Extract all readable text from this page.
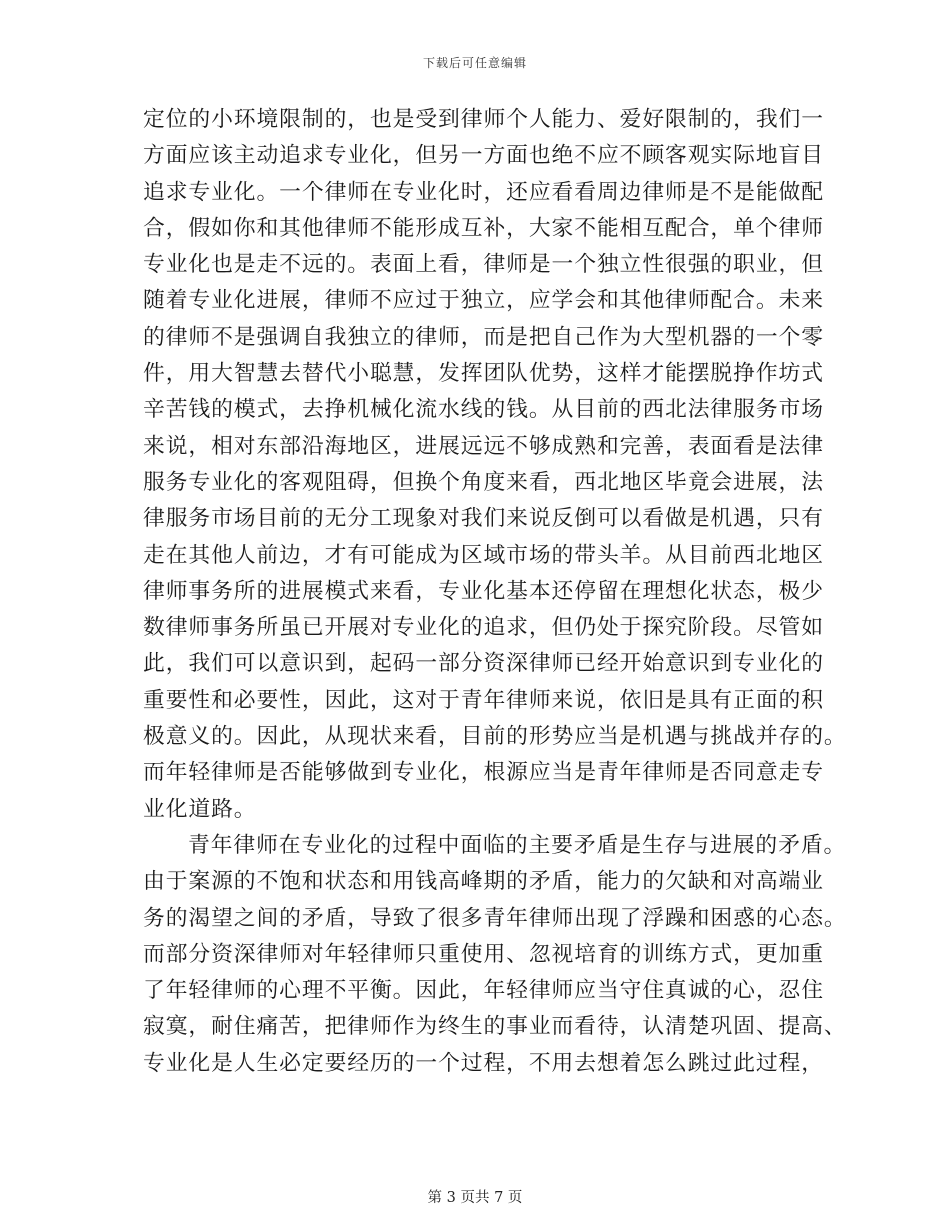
下载后可任意编辑
定位的小环境限制的，也是受到律师个人能力、爱好限制的，我们一
方面应该主动追求专业化，但另一方面也绝不应不顾客观实际地盲目
追求专业化。一个律师在专业化时，还应看看周边律师是不是能做配
合，假如你和其他律师不能形成互补，大家不能相互配合，单个律师
专业化也是走不远的。表面上看，律师是一个独立性很强的职业，但
随着专业化进展，律师不应过于独立，应学会和其他律师配合。未来
的律师不是强调自我独立的律师，而是把自己作为大型机器的一个零
件，用大智慧去替代小聪慧，发挥团队优势，这样才能摆脱挣作坊式
辛苦钱的模式，去挣机械化流水线的钱。从目前的西北法律服务市场
来说，相对东部沿海地区，进展远远不够成熟和完善，表面看是法律
服务专业化的客观阻碍，但换个角度来看，西北地区毕竟会进展，法
律服务市场目前的无分工现象对我们来说反倒可以看做是机遇，只有
走在其他人前边，才有可能成为区域市场的带头羊。从目前西北地区
律师事务所的进展模式来看，专业化基本还停留在理想化状态，极少
数律师事务所虽已开展对专业化的追求，但仍处于探究阶段。尽管如
此，我们可以意识到，起码一部分资深律师已经开始意识到专业化的
重要性和必要性，因此，这对于青年律师来说，依旧是具有正面的积
极意义的。因此，从现状来看，目前的形势应当是机遇与挑战并存的。
而年轻律师是否能够做到专业化，根源应当是青年律师是否同意走专
业化道路。
青年律师在专业化的过程中面临的主要矛盾是生存与进展的矛盾。
由于案源的不饱和状态和用钱高峰期的矛盾，能力的欠缺和对高端业
务的渴望之间的矛盾，导致了很多青年律师出现了浮躁和困惑的心态。
而部分资深律师对年轻律师只重使用、忽视培育的训练方式，更加重
了年轻律师的心理不平衡。因此，年轻律师应当守住真诚的心，忍住
寂寞，耐住痛苦，把律师作为终生的事业而看待，认清楚巩固、提高、
专业化是人生必定要经历的一个过程，不用去想着怎么跳过此过程，
第 3 页共 7 页
